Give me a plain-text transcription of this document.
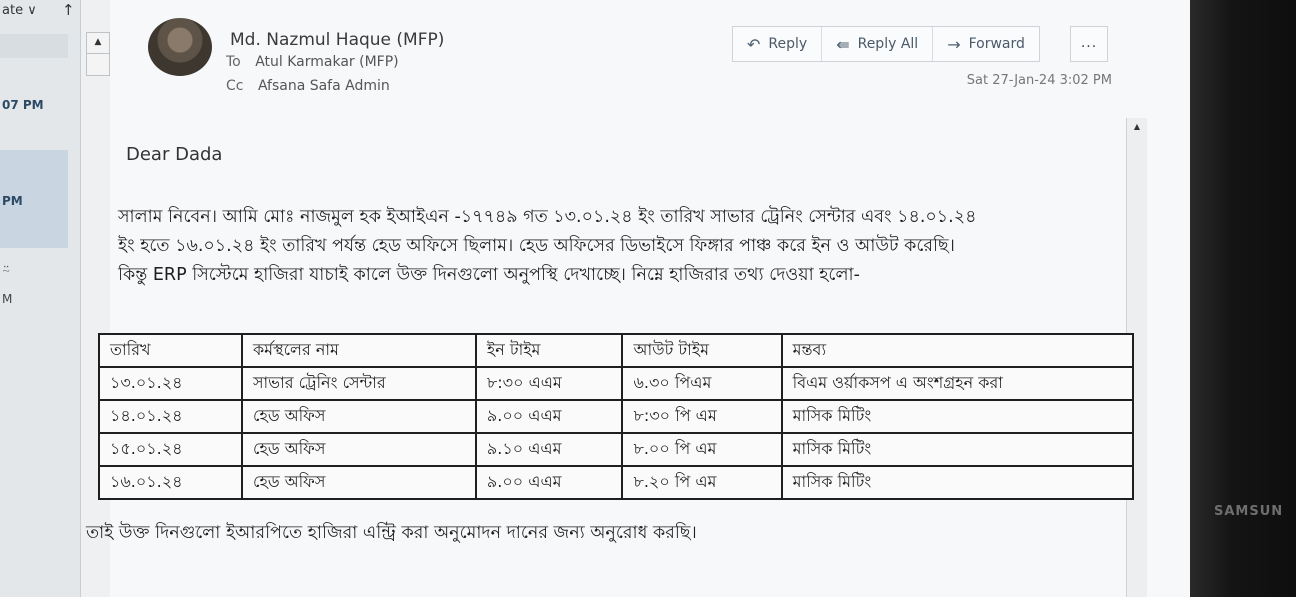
ate ∨ ↑
07 PM
PM
⍨
M
▲	Md. Nazmul Haque (MFP)
To Atul Karmakar (MFP)
Cc Afsana Safa Admin
↶ Reply ⇚ Reply All → Forward	...
Sat 27-Jan-24 3:02 PM
▲
Dear Dada
সালাম নিবেন। আমি মোঃ নাজমুল হক ইআইএন -১৭৭৪৯ গত ১৩.০১.২৪ ইং তারিখ সাভার ট্রেনিং সেন্টার এবং ১৪.০১.২৪
ইং হতে ১৬.০১.২৪ ইং তারিখ পর্যন্ত হেড অফিসে ছিলাম। হেড অফিসের ডিভাইসে ফিঙ্গার পাঞ্চ করে ইন ও আউট করেছি।
কিন্তু ERP সিস্টেমে হাজিরা যাচাই কালে উক্ত দিনগুলো অনুপস্থি দেখাচ্ছে। নিম্নে হাজিরার তথ্য দেওয়া হলো-
তারিখ	কর্মস্থলের নাম	ইন টাইম	আউট টাইম	মন্তব্য
১৩.০১.২৪	সাভার ট্রেনিং সেন্টার	৮:৩০ এএম	৬.৩০ পিএম	বিএম ওর্য়াকসপ এ অংশগ্রহন করা
১৪.০১.২৪	হেড অফিস	৯.০০ এএম	৮:৩০ পি এম	মাসিক মিটিং
১৫.০১.২৪	হেড অফিস	৯.১০ এএম	৮.০০ পি এম	মাসিক মিটিং
১৬.০১.২৪	হেড অফিস	৯.০০ এএম	৮.২০ পি এম	মাসিক মিটিং
তাই উক্ত দিনগুলো ইআরপিতে হাজিরা এন্ট্রি করা অনুমোদন দানের জন্য অনুরোধ করছি।
SAMSUN
